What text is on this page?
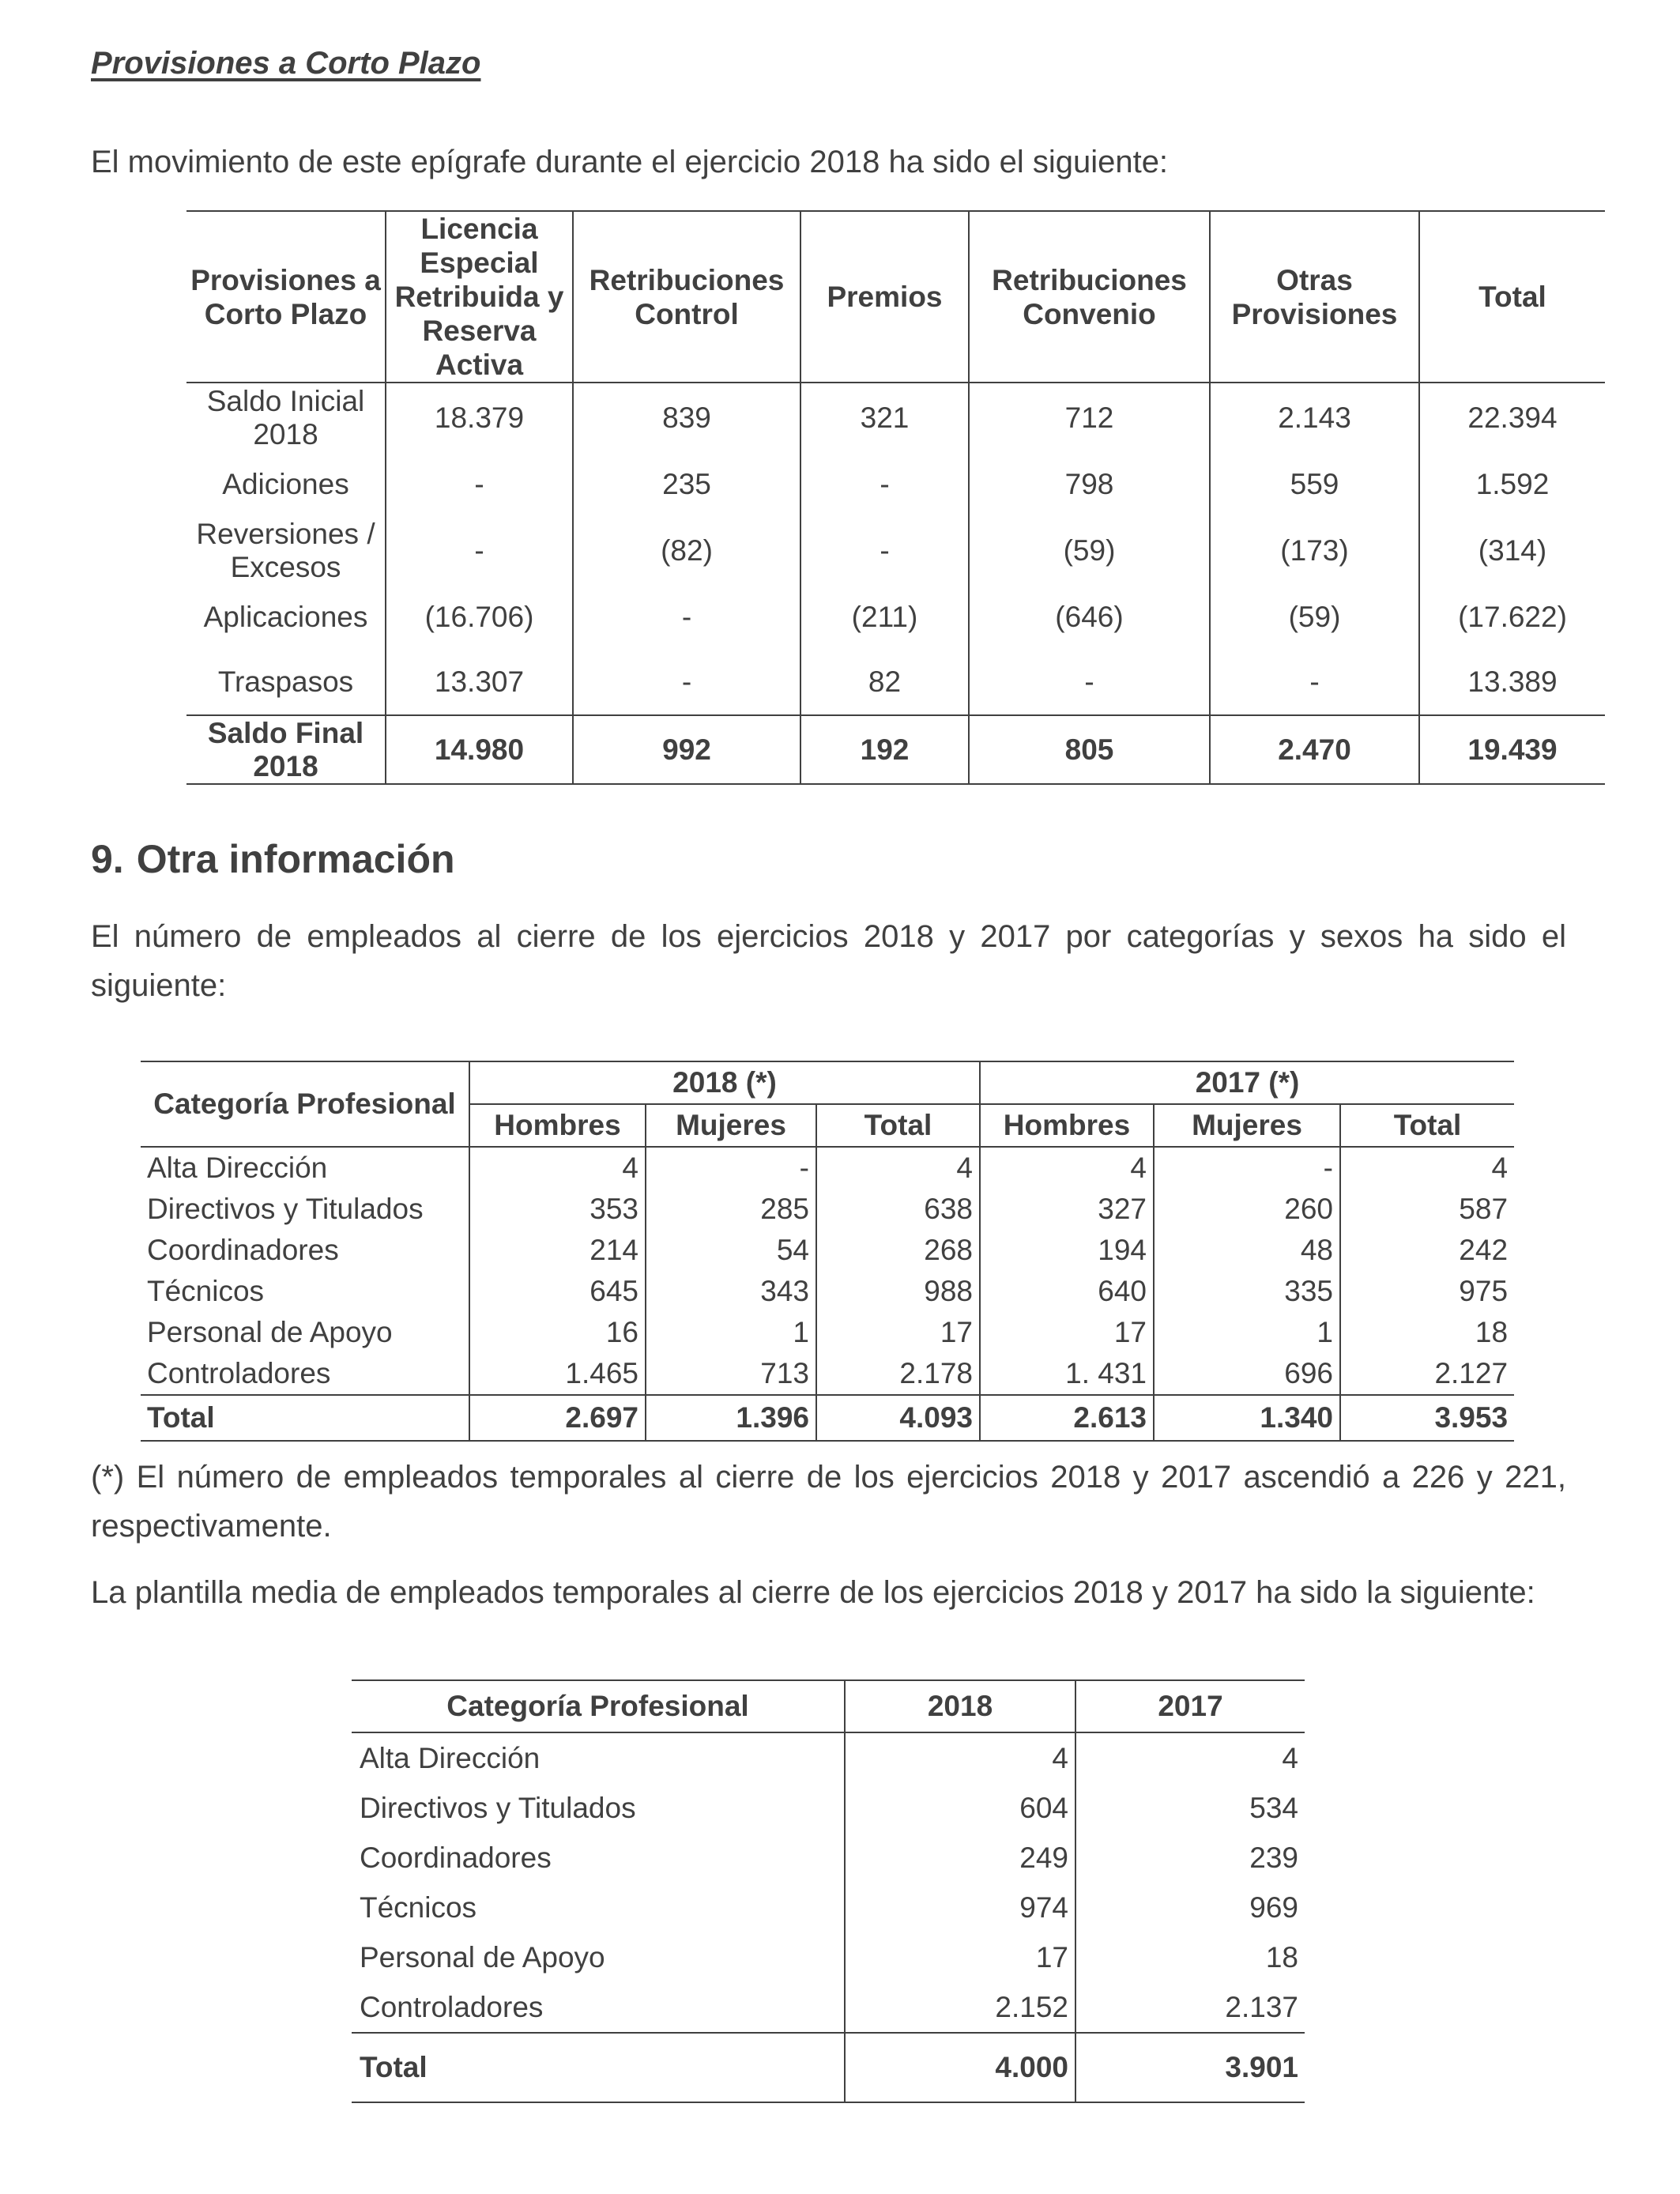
Provisiones a Corto Plazo
El movimiento de este epígrafe durante el ejercicio 2018 ha sido el siguiente:
Provisiones a Corto Plazo	Licencia Especial Retribuida y Reserva Activa	Retribuciones Control	Premios	Retribuciones Convenio	Otras Provisiones	Total
Saldo Inicial 2018	18.379	839	321	712	2.143	22.394
Adiciones	-	235	-	798	559	1.592
Reversiones / Excesos	-	(82)	-	(59)	(173)	(314)
Aplicaciones	(16.706)	-	(211)	(646)	(59)	(17.622)
Traspasos	13.307	-	82	-	-	13.389
Saldo Final 2018	14.980	992	192	805	2.470	19.439
9. Otra información
El número de empleados al cierre de los ejercicios 2018 y 2017 por categorías y sexos ha sido el siguiente:
Categoría Profesional	2018 (*)			2017 (*)		
	Hombres	Mujeres	Total	Hombres	Mujeres	Total
Alta Dirección	4	-	4	4	-	4
Directivos y Titulados	353	285	638	327	260	587
Coordinadores	214	54	268	194	48	242
Técnicos	645	343	988	640	335	975
Personal de Apoyo	16	1	17	17	1	18
Controladores	1.465	713	2.178	1. 431	696	2.127
Total	2.697	1.396	4.093	2.613	1.340	3.953
(*) El número de empleados temporales al cierre de los ejercicios 2018 y 2017 ascendió a 226 y 221, respectivamente.
La plantilla media de empleados temporales al cierre de los ejercicios 2018 y 2017 ha sido la siguiente:
Categoría Profesional	2018	2017
Alta Dirección	4	4
Directivos y Titulados	604	534
Coordinadores	249	239
Técnicos	974	969
Personal de Apoyo	17	18
Controladores	2.152	2.137
Total	4.000	3.901
